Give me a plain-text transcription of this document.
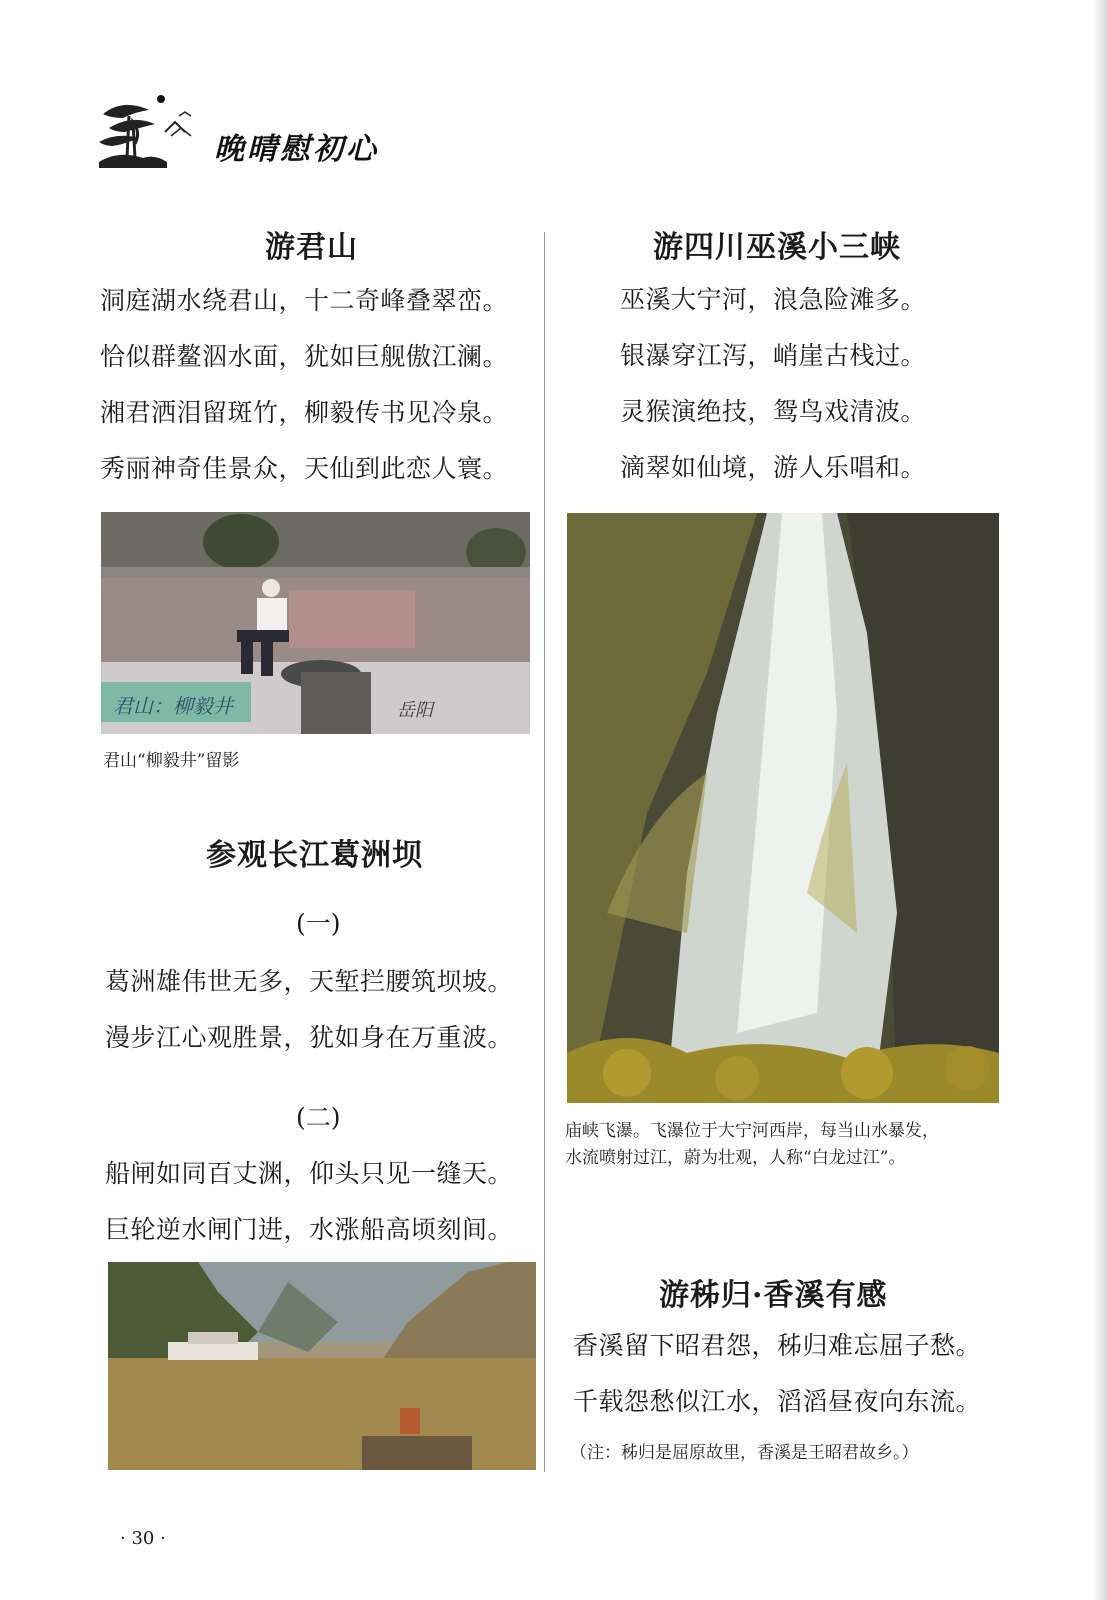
晚晴慰初心
游君山
洞庭湖水绕君山，十二奇峰叠翠峦。
恰似群鳌泅水面，犹如巨舰傲江澜。
湘君洒泪留斑竹，柳毅传书见冷泉。
秀丽神奇佳景众，天仙到此恋人寰。
君山：柳毅井	岳阳
君山“柳毅井”留影
参观长江葛洲坝
(一)
葛洲雄伟世无多，天堑拦腰筑坝坡。
漫步江心观胜景，犹如身在万重波。
(二)
船闸如同百丈渊，仰头只见一缝天。
巨轮逆水闸门进，水涨船高顷刻间。
游四川巫溪小三峡
巫溪大宁河，浪急险滩多。
银瀑穿江泻，峭崖古栈过。
灵猴演绝技，鸳鸟戏清波。
滴翠如仙境，游人乐唱和。
庙峡飞瀑。飞瀑位于大宁河西岸，每当山水暴发，
水流喷射过江，蔚为壮观，人称“白龙过江”。
游秭归·香溪有感
香溪留下昭君怨，秭归难忘屈子愁。
千载怨愁似江水，滔滔昼夜向东流。
（注：秭归是屈原故里，香溪是王昭君故乡。）
· 30 ·
